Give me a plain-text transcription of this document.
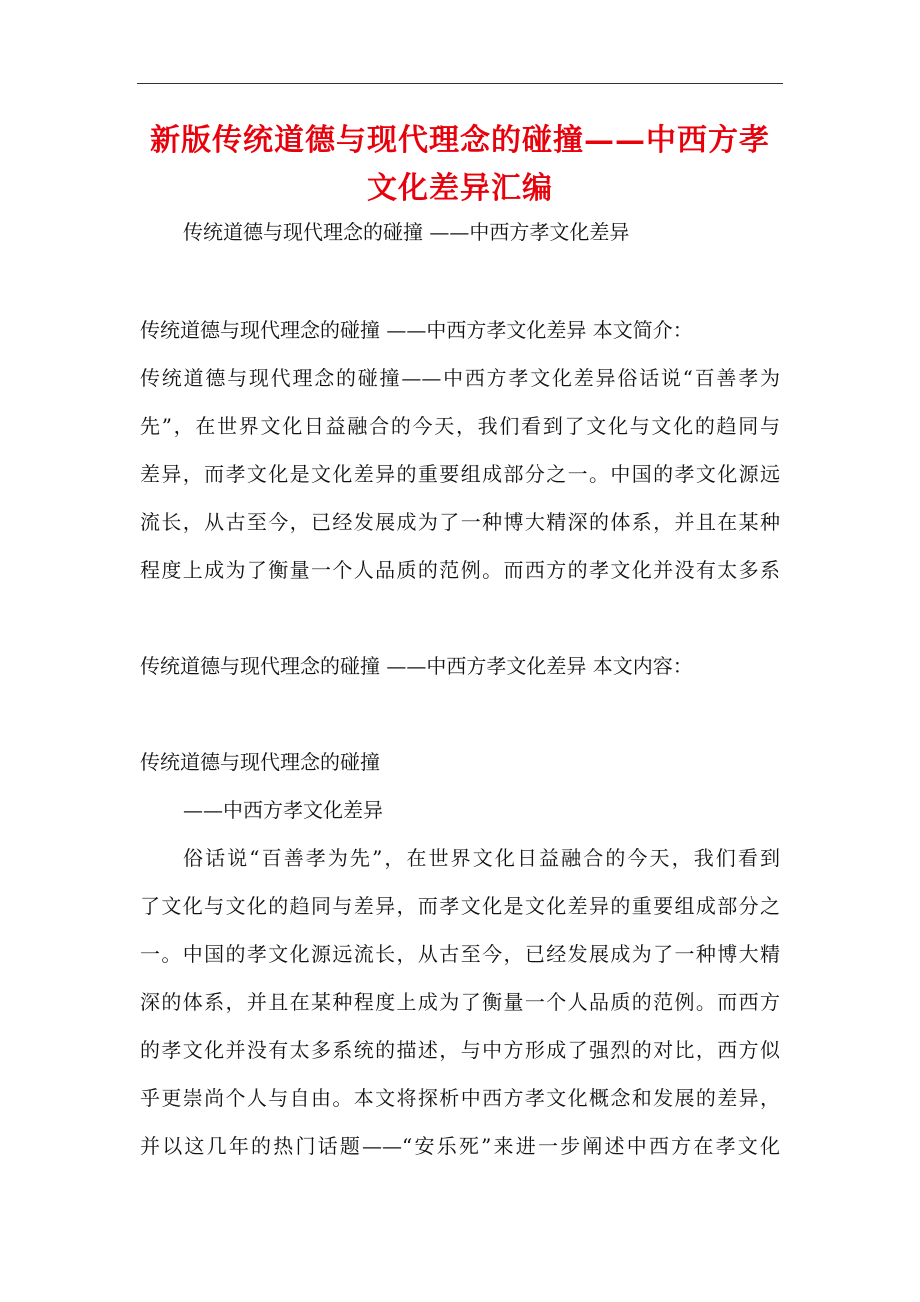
新版传统道德与现代理念的碰撞——中西方孝
文化差异汇编
传统道德与现代理念的碰撞 ——中西方孝文化差异
传统道德与现代理念的碰撞 ——中西方孝文化差异 本文简介：
传统道德与现代理念的碰撞——中西方孝文化差异俗话说“百善孝为
先”，在世界文化日益融合的今天，我们看到了文化与文化的趋同与
差异，而孝文化是文化差异的重要组成部分之一。中国的孝文化源远
流长，从古至今，已经发展成为了一种博大精深的体系，并且在某种
程度上成为了衡量一个人品质的范例。而西方的孝文化并没有太多系
传统道德与现代理念的碰撞 ——中西方孝文化差异 本文内容：
传统道德与现代理念的碰撞
——中西方孝文化差异
俗话说“百善孝为先”，在世界文化日益融合的今天，我们看到
了文化与文化的趋同与差异，而孝文化是文化差异的重要组成部分之
一。中国的孝文化源远流长，从古至今，已经发展成为了一种博大精
深的体系，并且在某种程度上成为了衡量一个人品质的范例。而西方
的孝文化并没有太多系统的描述，与中方形成了强烈的对比，西方似
乎更崇尚个人与自由。本文将探析中西方孝文化概念和发展的差异，
并以这几年的热门话题——“安乐死”来进一步阐述中西方在孝文化
